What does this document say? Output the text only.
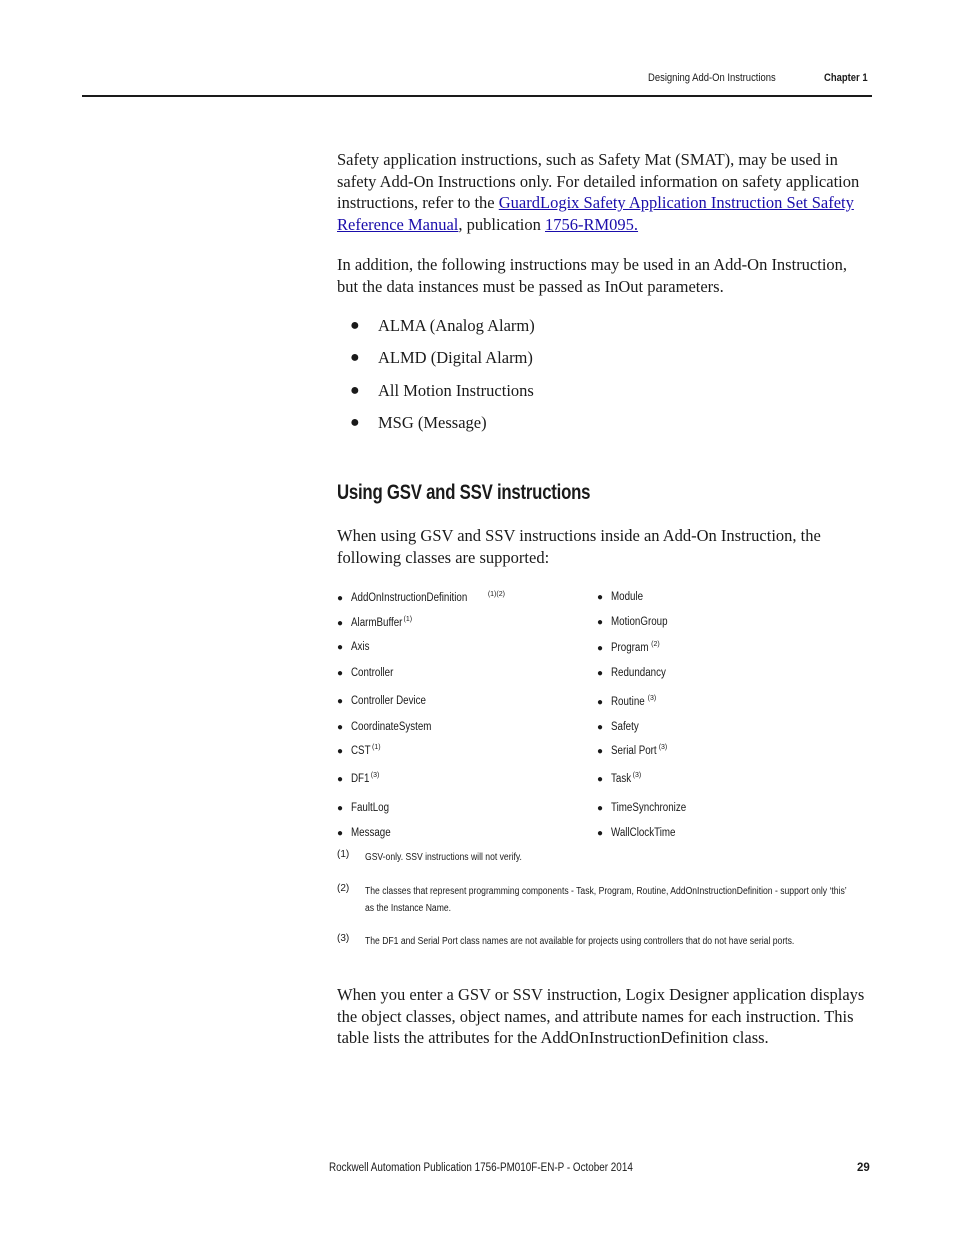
Designing Add-On Instructions	Chapter 1

Safety application instructions, such as Safety Mat (SMAT), may be used in safety Add-On Instructions only. For detailed information on safety application instructions, refer to the GuardLogix Safety Application Instruction Set Safety Reference Manual, publication 1756-RM095.

In addition, the following instructions may be used in an Add-On Instruction, but the data instances must be passed as InOut parameters.

●	ALMA (Analog Alarm)
●	ALMD (Digital Alarm)
●	All Motion Instructions
●	MSG (Message)
Using GSV and SSV instructions

When using GSV and SSV instructions inside an Add-On Instruction, the following classes are supported:

● AddOnInstructionDefinition	$^{(1)(2)}$
● AlarmBuffer$^{(1)}$
● Axis
● Controller
● Controller Device
● CoordinateSystem
● CST$^{(1)}$
● DF1$^{(3)}$
● FaultLog
● Message
● Module
● MotionGroup
● Program $^{(2)}$
● Redundancy
● Routine $^{(3)}$
● Safety
● Serial Port $^{(3)}$
● Task $^{(3)}$
● TimeSynchronize
● WallClockTime
(1) GSV-only. SSV instructions will not verify.
(2) The classes that represent programming components - Task, Program, Routine, AddOnInstructionDefinition - support only ‘this’ as the Instance Name.
(3) The DF1 and Serial Port class names are not available for projects using controllers that do not have serial ports.

When you enter a GSV or SSV instruction, Logix Designer application displays the object classes, object names, and attribute names for each instruction. This table lists the attributes for the AddOnInstructionDefinition class.

Rockwell Automation Publication 1756-PM010F-EN-P - October 2014	29
